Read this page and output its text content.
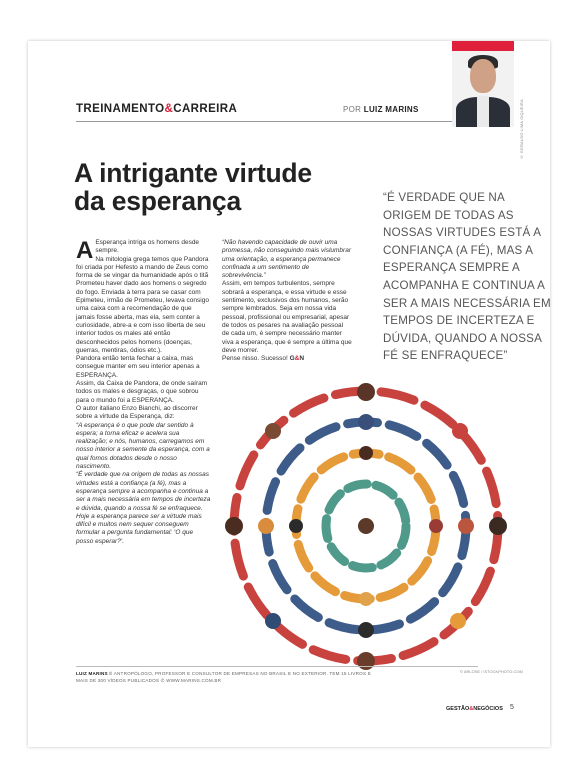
TREINAMENTO&CARREIRA	POR LUIZ MARINS	© GERALDO LIMA SIQUEIRA
A intrigante virtude da esperança	“É VERDADE QUE NA ORIGEM DE TODAS AS NOSSAS VIRTUDES ESTÁ A CONFIANÇA (A FÉ), MAS A ESPERANÇA SEMPRE A ACOMPANHA E CONTINUA A SER A MAIS NECESSÁRIA EM TEMPOS DE INCERTEZA E DÚVIDA, QUANDO A NOSSA FÉ SE ENFRAQUECE”
A Esperança intriga os homens desde sempre.

Na mitologia grega temos que Pandora foi criada por Hefesto a mando de Zeus como forma de se vingar da humanidade após o titã Prometeu haver dado aos homens o segredo do fogo. Enviada à terra para se casar com Epimeteu, irmão de Prometeu, levava consigo uma caixa com a recomendação de que jamais fosse aberta, mas ela, sem conter a curiosidade, abre-a e com isso liberta de seu interior todos os males até então desconhecidos pelos homens (doenças, guerras, mentiras, ódios etc.).

Pandora então tenta fechar a caixa, mas consegue manter em seu interior apenas a ESPERANÇA.

Assim, da Caixa de Pandora, de onde saíram todos os males e desgraças, o que sobrou para o mundo foi a ESPERANÇA.

O autor italiano Enzo Bianchi, ao discorrer sobre a virtude da Esperança, diz:

“A esperança é o que pode dar sentido à espera; a torna eficaz e acelera sua realização; e nós, humanos, carregamos em nosso interior a semente da esperança, com a qual fomos dotados desde o nosso nascimento.

“É verdade que na origem de todas as nossas virtudes está a confiança (a fé), mas a esperança sempre a acompanha e continua a ser a mais necessária em tempos de incerteza e dúvida, quando a nossa fé se enfraquece. Hoje a esperança parece ser a virtude mais difícil e muitos nem sequer conseguem formular a pergunta fundamental: ‘O que posso esperar?’.

“Não havendo capacidade de ouvir uma promessa, não conseguindo mais vislumbrar uma orientação, a esperança permanece confinada a um sentimento de sobrevivência.”

Assim, em tempos turbulentos, sempre sobrará a esperança, e essa virtude e esse sentimento, exclusivos dos humanos, serão sempre lembrados. Seja em nossa vida pessoal, profissional ou empresarial, apesar de todos os pesares na avaliação pessoal de cada um, é sempre necessário manter viva a esperança, que é sempre a última que deve morrer.

Pense nisso. Sucesso! G&N

LUIZ MARINS É ANTROPÓLOGO, PROFESSOR E CONSULTOR DE EMPRESAS NO BRASIL E NO EXTERIOR. TEM 15 LIVROS E MAIS DE 300 VÍDEOS PUBLICADOS ✆ WWW.MARINS.COM.BR
© ARLOSE / ISTOCKPHOTO.COM
GESTÃO&NEGÓCIOS 5
